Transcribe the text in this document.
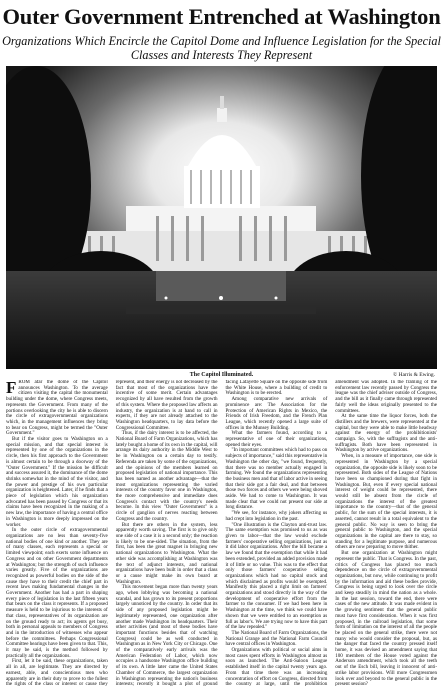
Outer Government Entrenched at Washington
Organizations Which Encircle the Capitol Dome and Influence Legislation for the Special Classes and Interests They Represent
The Capitol Illuminated.	© Harris & Ewing.

FROM afar the dome of the Capitol announces Washington. To the average citizen visiting the capital the monumental building under the dome, where Congress meets, represents the Government. From many of the portions overlooking the city he is able to discern the circle of extragovernmental organizations which, in the management influences they bring to bear on Congress, might be termed the "Outer Government."

But if the visitor goes to Washington on a special mission, and that special interest is represented by one of the organizations in the circle, then his first approach to the Government is almost certain to be through a doorway of the "Outer Government." If the mission be difficult and success assured it, the dominance of the dome shrinks somewhat in the mind of the visitor, and the power and prestige of his own particular organization is heightened. Later, if he finds that a piece of legislation which his organization advocated has been passed by Congress or that its claims have been recognized in the making of a new law, the importance of having a central office in Washington is more deeply impressed on the worker.

In the outer circle of extragovernmental organizations are no less than seventy-five national bodies of one kind or another. They are of many classes, each represents a special or limited viewpoint; each exerts some influence on Congress and on other Government departments at Washington; but the strength of such influence varies greatly. Five of the organizations are recognized as powerful bodies on the side of the cause they have to their credit the chief part in recent laws making fundamental changes in the Government. Another has had a part in shaping every piece of legislation in the last fifteen years that bears on the class it represents. If a proposed measure is held to be injurious to the interests of that class, representatives of its organization are on the ground ready to act; its agents get busy, both in personal appeals to members of Congress and in the introduction of witnesses who appear before the committees. Perhaps Congressional Committee hearings have been given to that. This, it may be said, is the method followed by practically all the organizations.

First, let it be said, these organizations, taken all in all, are legitimate. They are directed by earnest, able, and conscientious men who apparently are in their duty to prove to the fullest the rights of the class or interest or cause they represent, and their energy is not decreased by the fact that most of the organizations have the incentive of some merit. Certain advantages recognized by all have resulted from the growth of this system. Where the proposed law affects an industry, the organization is at hand to call in experts, if they are not already attached to the Washington headquarters, to lay data before the Congressional Committee.

Thus, if the dairy interest is to be affected, the National Board of Farm Organizations, which has lately bought a home of its own in the capital, will arrange its dairy authority in the Middle West to be in Washington on a certain day to testify. Referenda are taken by some of the organizations, and the opinions of the members learned on proposed legislation of national importance. This has been named as another advantage—that the most organizations representing the varied interests of the country favor one in Washington, the more comprehensive and immediate does Congress's contact with the country's needs become. In this view "Outer Government" is a circle of ganglion of nerves reacting between Congress and the country.

But there are others in the system, less apparently worth saving. The first is to give only one side of a case it is a second only; the reaction is likely to be one-sided. The situation, from the first, has been the great magnet in bringing new national organizations to Washington. What the other side was accomplishing at Washington was the text of adjunct interests, and national organizations have been built in order that a class or a cause might make its own board at Washington.

This movement began more than twenty years ago, when lobbying was becoming a national scandal, and has grown to its present proportions largely unnoticed by the country. In order that its side of any proposed legislation might be legitimately represented, one organization after another made Washington its headquarters. Their other activities (and most of these bodies have important functions besides that of watching Congress) could be as well conducted in Washington as in New York City or Chicago. One of the comparatively early arrivals was the American Federation of Labor, which now occupies a handsome Washington office building of its own. A little later came the United States Chamber of Commerce, the largest organization in Washington representing the nation's business interests; recently it bought a plot of ground facing Lafayette Square on the opposite side from the White House, where a building of credit to Washington is to be erected.

Among comparative new arrivals of prominence are: The Association for the Protection of American Rights in Mexico, the Friends of Irish Freedom, and the French Plan League, which recently opened a large suite of offices in the Munsey Building.

What the farmers found, according to a representative of one of their organizations, opened their eyes.

"In important committees which had to pass on subjects of importance," said this representative in Washington the other day, "we found, frequently, that there was no member actually engaged in farming. We found the organizations representing the business men and that of labor active in seeing that their side got a fair deal, and that between those two forces and others we were being shoved aside. We had to come to Washington. It was made clear that we could not present our side at long distance.

"We see, for instance, why jokers affecting us had crept into legislation in the past.

"One illustration is the Clayton anti-trust law. The same exemption was promised to us as was given to labor—that the law would exclude farmers' cooperative selling organizations, just as it did labor organizations. After the bill became a law we found that the exemption that while it had been extended, provided an added provision made it of little or no value. This was to the effect that only those farmers' cooperative selling organizations which had no capital stock and which disclaimed as profits would be exempted. Manifestly this placed a right limit on farmers' organizations and stood directly in the way of the development of cooperative effort from the farmer to the consumer. If we had been here in Washington at the time, we think we could have shown that we were entitled to an exemption as full as labor's. We are trying now to have this part of the law repealed."

The National Board of Farm Organizations, the National Grange and the National Farm Council have central offices in Washington.

Organizations with political or social aims in most cases spent efforts in Washington almost as soon as launched. The Anti-Saloon League established itself in the capital twenty years ago. From that time there was an increasing concentration of effort on Congress, directed from the country at large, until the prohibition amendment was adopted. In the framing of the enforcement law recently passed by Congress the league was the chief adviser outside of Congress, and the bill as it finally came through represented fairly well the ideas originally presented to the committees.

At the same time the liquor forces, both the distillers and the brewers, were represented at the capital, but they were able to make little headway against the energy of the prohibitionists' campaign. So, with the suffragists and the anti-suffragists. Both have been represented in Washington by active organizations.

When, in a measure of importance, one side is represented in Washington by a special organization, the opposite side is likely soon to be represented. Both sides of the League of Nations have been so championed during that fight in Washington. But, even if every special national interest of weight could be represented, there would still be absent from the circle of organizations the interest of the greatest importance to the country—that of the general public, for the sum of the special interests, it is asserted, cannot result in a total equivalent to the general public. No way is seen to bring the general public to Washington, and the special organizations in the capital are there to stay, so standing for a legitimate purpose, and numerous others are now preparing to move thither.

But one organization at Washington might represent the public. That is Congress. In the past, critics of Congress has placed too much dependence on the circle of extragovernmental organizations, but now, while continuing to profit by the information and aid these bodies provide, Congress is being urged to look over the circle and keep steadily in mind the nation as a whole. In the last session, toward the end, there were cases of the new attitude. It was made evident in the growing sentiment that the general public must have first consideration. When it was first proposed, in the railroad legislation, that some form of limitation on the interest of all the people be placed on the general strike, there were not many who would consider the proposal, but, as the danger that faced the country pressed itself home, it was devised an amendment saying that 100 members of the House voted against the Anderson amendment, which took all the teeth out of the Esch bill, leaving it innocent of anti-strike labor provisions. Will more Congressmen look over and beyond to the general public in the present session?
